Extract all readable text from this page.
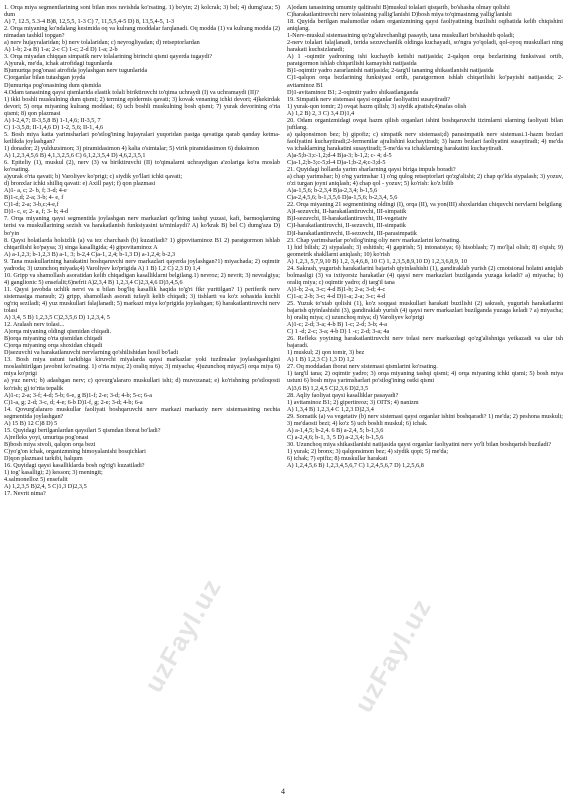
1. Orqa miya segmentlarining soni bilan mos ravishda ko'rsating. 1) bo'yin; 2) kolcrak; 3) bel; 4) dumg'aza; 5) dum
A) 7, 12.5, 5.3-4 B)8, 12,5,5, 1-3 C) 7, 11,5,5,4-5 D) 8, 13,5,4-5, 1-3
2. Orqa miyaning ko'ndalang kesimida oq va kulrang moddalar farqlanadi. Oq modda (1) va kulrang modda (2) nimadan tashkil topgan?
a) nerv hujayralaridan; b) nerv tolalaridan; c) neyrogliyadan; d) retseptorlardan
A) 1-b; 2-a B) 1-a; 2-c C) 1-c; 2-d D) 1-a; 2-b
3. Orqa miyadan chiqqan simpatik nerv tolalarining birinchi qismi qayerda tugaydi?
A)yurak, me'da, ichak atrofidagi tugunlarda
B)umurtqa pog'onasi atrofida joylashgan nerv tugunlarida
C)organlar bilan tutashgan joyda
D)umurtqa pog'onasining dum qismida
4.Odam tanasining qaysi qismlarida elastik tolali biriktiruvchi to'qima uchraydi (I) va uchramaydi (II)?
1) ikki boshli muskulning dum qismi; 2) terming epidermis qavati; 3) kovak venaning ichki devori; 4)kekirdak devori; 5) orqa miyaning kulrang moddasi; 6) uch boshli muskulning bosh qismi; 7) yurak devorining o'rta qismi; 8) qon plazmasi
A) I-2,4,7; II-3,5,8 B) 1-1,4,6; II-3,5, 7
C) 1-3,5,8; II-1,4,6 D) 1-2, 5,6; II-1, 4,6
5. Bosh miya katta yarimsharlari po'stlog'ining hujayralari yuqoridan pastga qavatiga qarab qanday ketma-ketlikda joylashgan?
1) donador; 2) yulduzsimon; 3) piramidasimon 4) kalta o'simtalar; 5) virik piramidasimon 6) duksimon
A) 1,2,3,4,5,6 B) 4,1,3,2,5,6 C) 6,1,2,3,5,4 D) 4,6,2,3,5,1
6. Epiteliy (1), muskul (2), nerv (3) va biriktiruvchi (II) to'qimalarni uchraydigan a'zolariga ko'ra moslab ko'rsating.
a)yurak o'rta qavati; b) Varoliyev ko'prigi; c) siydik yo'llari ichki qavati;
d) bronxlar ichki shilliq qavati: e) Axill payi; f) qon plazmasi
A)1- a, c; 2- b, f; 3-d; 4-e
B)1-c,d; 2-a; 3-b; 4- e, f
C)1-d; 2-a; 3-b,c;4-e,f
D)1- c, e; 2- a, f; 3- b; 4-d
7. Orqa miyaning qaysi segmentida joylashgan nerv markazlari qo'lning tashqi yuzasi, kaft, barmoqlarning terisi va muskullarining sezish va harakatlanish funksiyasini ta'minlaydi? A) ko'krak B) bel C) dumg'aza D) bo'yin
8. Qaysi holatlarda holsizlik (a) va tez charchash (b) kuzatiladi? 1) gipovitaminoz B1 2) paratgormon ishlab chiqarilishi ko'paysa; 3) singa kasalligida; 4) gipovitaminoz A
A) a-1,2,3; b-1,2,3 B) a-1, 3; b-2,4 C)a-1, 2,4; b-1,3 D) a-1,2,4; b-2,3
9. Tana muskullarining harakatini boshqaruvchi nerv markazlari qayerda joylashgan?1) miyachada; 2) oqimtir yadroda; 3) uzunchoq miyada;4) Varoliyev ko'prigida A) 1 B) 1,2 C) 2,3 D) 1,4
10. Gripp va shamollash asoratidan kelib chiqadigan kasalliklarni belgilang.1) nevroz; 2) nevrit; 3) nevralgiya; 4) ganglionic 5) ensefalit;6)nefrit A)2,3,4 B) 1,2,3,4 C)2,3,4,6 D)3,4,5,6
11. Qaysi javobda uchlik nervi va u bilan bog'liq kasallik haqida to'g'ri fikr yuritilgan? 1) periferik nerv sistemasiga mansub; 2) gripp, shamollash asorati tufayli kelib chiqadi; 3) tishlarti va ko'z sohasida kuchli og'riq seziladi; 4) yuz muskullari falajlanadi; 5) markazi miya ko'prigida joylashgan; 6) harakatlantiruvchi nerv tolasi
A) 3,4, 5 B) 1,2,3,5 C)2,3,5,6 D) 1,2,3,4, 5
12. Aralash nerv tolasi...
A)orqa miyaning oldingi qismidan chiqadi.
B)orqa miyaning o'rta qismidan chiqadi
C)orqa miyaning orqa shoxidan chiqadi
D)sezuvchi va harakatlanuvchi nervlarning qo'shilishidan hosil bo'ladi
13. Bosh miya ustuni tarkibiga kiruvchi miyalarda qaysi markazlar yoki tuzilmalar joylashganligini moslashtirilgan javobni ko'rsating. 1) o'rta miya; 2) oraliq miya; 3) miyacha; 4)uzunchoq miya;5) orqa miya 6) miya ko'prigi
a) yuz nervi; b) adashgan nerv; c) qovurg'alararo muskullari ishi; d) muvozanat; e) ko'rishning po'stloqosti ko'rish; g) to'rtta tepalik
A)1-c; 2-a; 3-f; 4-d; 5-b; 6-e, g B)1-f; 2-e; 3-d; 4-b; 5-c; 6-a
C)1-a, g; 2-d; 3-c, d; 4-e; 6-b D)1-f, g; 2-e; 3-d; 4-b; 6-a
14. Qovurg'alararo muskullar faoliyati boshqaruvchi nerv markazi markaziy nerv sistemasining nechta segmentida joylashgan?
A) 15 B) 12 C)8 D) 5
15. Quyidagi berilganlardan qaysilari 5 qismdan iborat bo'ladi?
A)refleks yoyi, umurtqa pog'onasi
B)bosh miya stvoli, qalqon orqa bezi
C)yo'g'on ichak, organizmning himoyalanishi bosqichlari
D)qon plazmasi tarkibi, halqum
16. Quyidagi qaysi kasalliklarda bosh og'rig'i kuzatiladi?
1) tog' kasalligi; 2) kesson; 3) meningit;
4.salmonelloz 5) ensefalit
A) 1,2,3,5 B)2,4, 5 C)1,3 D)2,3,5
17. Nevrit nima?
A)odam tanasining umumiy qaltirashi B)muskul tolalari qisqarib, bo'shasha olmay qolishi
C)harakatlantiruvchi nerv tolasining yallig'lanishi D)bosh miya to'qimasinmg yallig'lanishi
18. Quyida berilgan malumotlar odam organizmining qaysi faoliyatining buzilishi oqibatida kelib chiqishini aniqlang.
1-Nerv-muskul sistemasining qo'zg'aluvchanligi pasayib, tana muskullari bo'shashib qoladi;
2-nerv tolalari falajlanadi, terida sezuvchanlik oldinga kuchayadi, so'ngra yo'qoladi, qol-oyoq muskullari ning harakati kuchsizlanadi;
A) 1 -oqimtir yadroning ishi kuchayib ketishi natijasida; 2-qalqon orqa bezlarining funksivasi ortib, paratgormon ishlab chiqarilishi kamayishi natijasida
B)1-oqimtir yadro zararlanishi natijasida; 2-targ'il tananing shikastlanishi natijasida
C)1-qalqon orqa bezlarining funksiyasi ortib, paratgormon ishlab chiqarilishi ko'payishi natijasida; 2-avitaminoz B1
D)1-avitaminoz B1; 2-oqimtir yadro shikastlanganda
19. Simpatik nerv sistemasi qaysi organlar faoliyatini susaytiradi?
1) yurak-qon tomir; 2) ovqat hazm qilish; 3) siydik ajratish;4)nafas olish
A) 1,2 B) 2, 3 C) 3,4 D)1,4
20. Odam organizmidagi ovqat hazm qilish organlari ishini boshqaruvchi tizimlarni ularning faoliyati bilan juftlang.
a) qalqonsimon bez; b) gipofiz; c) simpatik nerv sistemasi;d) parasimpatik nerv sistemasi.1-hazm bezlari faoliyatini kuchaytiradi;2-fermentlar ajralishini kuchaytiradi; 3) hazm bezlari faoliyatini susaytiradi; 4) me'da va ichaklarning harakatini susaytiradi; 5-me'da va ichaklarning harakatini kuchaytiradi.
A)a-5;b-3;c-1,2;d-4 B)a-3; b-1,2; c- 4; d-5
C)a-1,2;b-3;c-5;d-4 D)a-1;b-2,4;c-3;d-5
21. Quyidagi hollarda yarim sharlarning qaysi biriga impuls boradi?
a) chap yarimshar; b) o'ng yarimshar 1) o'ng qulog retseptorlari qo'zg'alishi; 2) chap qo'lda siypalash; 3) yozuv, o'zi turgan joyni aniqlash; 4) chap qol - yozuv; 5) ko'rish: ko'z bilib
A)a-1,5,6; b-2,3,4 B)a-2,3,4; b-1,5,6
C)a-2,4,5,6; b-1,3,5,6 D)a-1,5,6; b-2,3,4, 5,6
22. Orqa miyaning 21 segmentining oldingi (I), orqa (II), va yon(III) shoxlaridan chiquvchi nervlarni belgilang
A)I-sezuvchi, II-harakatlantiruvchi, III-simpatik
B)I-sezuvchi, II-harakatlantiruvchi, III-vegetativ
C)I-harakatlantiruvchi, II-sezuvchi, III-simpatik
D)I-harakatlantiruvchi, II-sezuvchi, III-parasimpatik
23. Chap yarimsharlar po'stlog'ining oliy nerv markazlarini ko'rsating.
1) hid bilish; 2) siypalash; 3) eshitish; 4) gapirish; 5) intonatsiya; 6) hisoblash; 7) mo'ljal olish; 8) o'qish; 9) geometrik shakllarni aniqlash; 10) ko'rish
A) 1,2,3, 5,7,9,10 B) 1,2, 3,4,6,8, 10 C) 1, 2,3,5,8,9,10 D) 1,2,3,6,8,9, 10
24. Sakrash, yugurish harakatlarini bajarish qiyinlashishi (1), gandiraklab yurish (2) cmotsional holatni aniqlab bolmasligi (3) va ixtiyorsiz harakatlar (4) qaysi nerv markazlari buzilganda yuzaga keladi? a) miyacha; b) oraliq miya; c) oqimtir yadro; d) targ'il tana
A)1-b; 2-a, 3-c; 4-d B)1-b; 2-a; 3-d; 4-c
C)1-a; 2-b; 3-c; 4-d D)1-a; 2-a; 3-c; 4-d
25. Yuzuk to'xtab qolishi (1), ko'z soqqasi muskullari harakati buzilishi (2) sakrash, yugurish harakatlarini bajarish qiyinlashishi (3), gandiraklab yurish (4) qaysi nerv markazlari buzilganda yuzaga keladi ? a) miyacha; b) oraliq miya; c) uzunchoq miya; d) Varoliyev ko'prigi
A)1-c; 2-d; 3-a; 4-b B) 1-c; 2-d; 3-b; 4-a
C) 1 -d; 2-c; 3-a; 4-b D) 1 -c; 2-d; 3-a; 4a
26. Refleks yoyining harakatlantiruvchi nerv tolasi nerv markazdagi qo'zg'alishniga yetkazadi va ular ish bajaradi.
1) muskul; 2) qon tomir, 3) bez
A) 1 B) 1,2,3 C) 1,3 D) 1,2
27. Oq moddadan iborat nerv sistemasi qismlarini ko'rsating.
1) targ'il tana; 2) oqimtir yadro; 3) orqa miyaning tashqi qismi; 4) orqa miyaning ichki qismi; 5) bosh miya ustuni 6) bosh miya yarimsharlari po'stlog'ining ostki qismi
A)3,6 B) 1,2,4,5 C)2,3,6 D)2,3,5
28. Aqliy faoliyat qaysi kasalliklar pasayadi?
1) avitaminoz B1; 2) gipertireoz; 3) OITS; 4) nanizm
A) 1,3,4 B) 1,2,3,4 C 1,2,3 D)2,3,4
29. Somatik (a) va vegetativ (b) nerv sistemasi qaysi organlar ishini boshqaradi? 1) me'da; 2) peshona muskuli; 3) me'daosti bezi; 4) ko'z 5) uch boshli muskul; 6) ichak.
A) a-1,4,5; b-2,4. 6 B) a-2,4, 5; b-1,3,6
C) a-2,4,6; b-1, 3, 5 D) a-2,3,4; b-1,5,6
30. Uzunchoq miya shikastlanishi natijasida qaysi organlar faoliyatini nerv yo'li bilan boshqarish buziladi?
1) yurak; 2) bronx; 3) qalqonsimon bez; 4) siydik qopi; 5) me'da;
6) ichak; 7) epifiz; 8) muskullar harakati
A) 1,2,4,5,6 B) 1,2,3,4,5,6,7 C) 1,2,4,5,6,7 D) 1,2,5,6,8
uzFayl.uz	uzFayl.uz
4
